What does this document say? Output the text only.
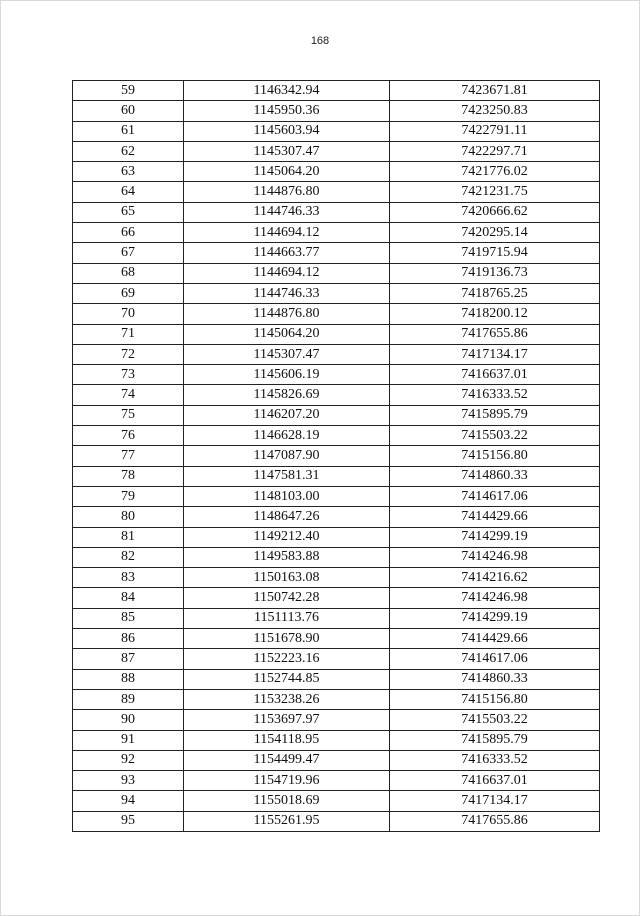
168
59	1146342.94	7423671.81
60	1145950.36	7423250.83
61	1145603.94	7422791.11
62	1145307.47	7422297.71
63	1145064.20	7421776.02
64	1144876.80	7421231.75
65	1144746.33	7420666.62
66	1144694.12	7420295.14
67	1144663.77	7419715.94
68	1144694.12	7419136.73
69	1144746.33	7418765.25
70	1144876.80	7418200.12
71	1145064.20	7417655.86
72	1145307.47	7417134.17
73	1145606.19	7416637.01
74	1145826.69	7416333.52
75	1146207.20	7415895.79
76	1146628.19	7415503.22
77	1147087.90	7415156.80
78	1147581.31	7414860.33
79	1148103.00	7414617.06
80	1148647.26	7414429.66
81	1149212.40	7414299.19
82	1149583.88	7414246.98
83	1150163.08	7414216.62
84	1150742.28	7414246.98
85	1151113.76	7414299.19
86	1151678.90	7414429.66
87	1152223.16	7414617.06
88	1152744.85	7414860.33
89	1153238.26	7415156.80
90	1153697.97	7415503.22
91	1154118.95	7415895.79
92	1154499.47	7416333.52
93	1154719.96	7416637.01
94	1155018.69	7417134.17
95	1155261.95	7417655.86
